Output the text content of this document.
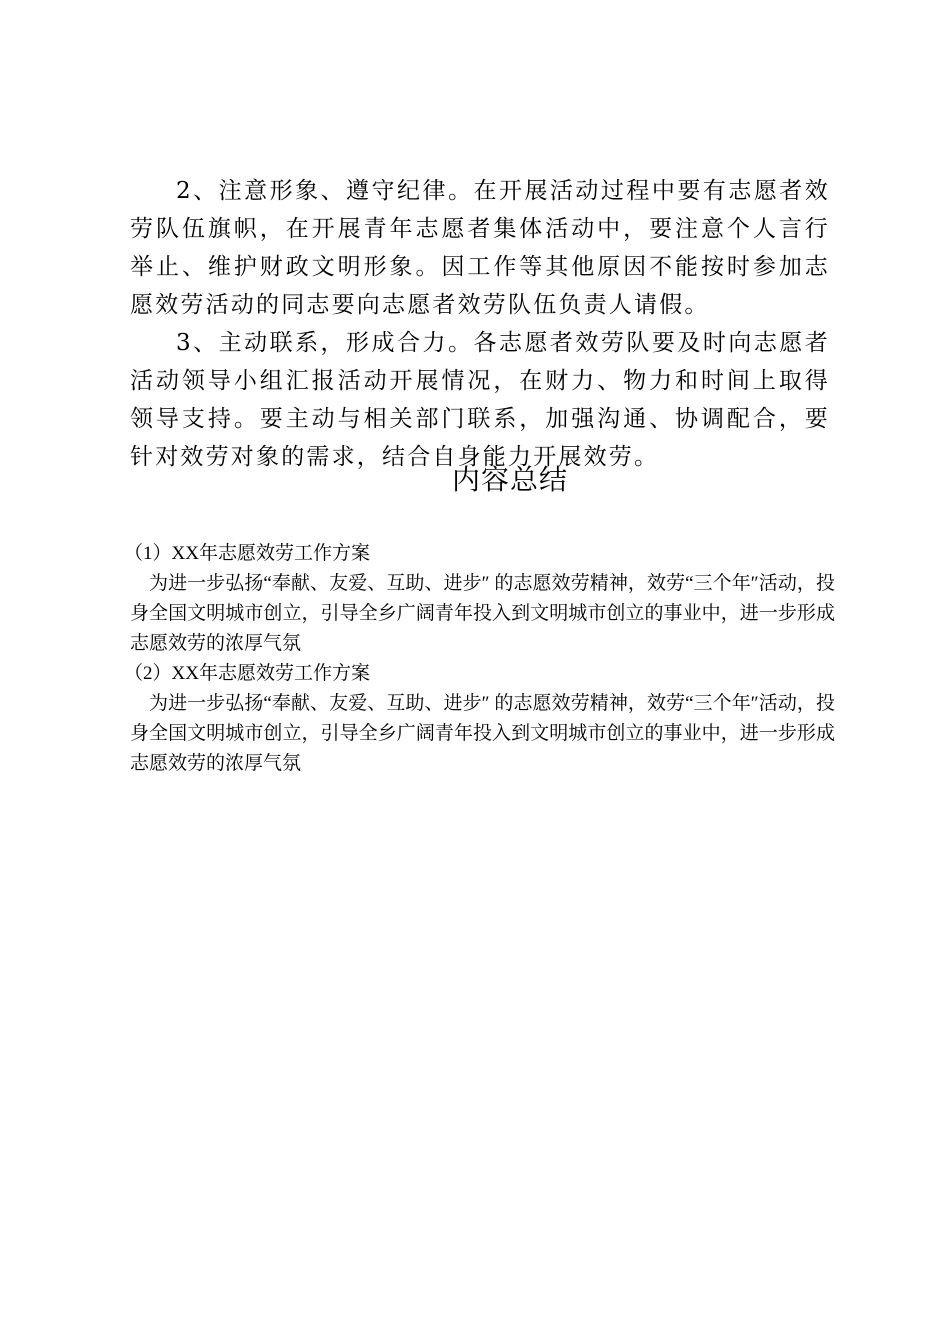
2、注意形象、遵守纪律。在开展活动过程中要有志愿者效劳队伍旗帜，在开展青年志愿者集体活动中，要注意个人言行举止、维护财政文明形象。因工作等其他原因不能按时参加志愿效劳活动的同志要向志愿者效劳队伍负责人请假。

3、主动联系，形成合力。各志愿者效劳队要及时向志愿者活动领导小组汇报活动开展情况，在财力、物力和时间上取得领导支持。要主动与相关部门联系，加强沟通、协调配合，要针对效劳对象的需求，结合自身能力开展效劳。

内容总结

（1）XX年志愿效劳工作方案

为进一步弘扬“奉献、友爱、互助、进步″ 的志愿效劳精神，效劳“三个年″活动，投身全国文明城市创立，引导全乡广阔青年投入到文明城市创立的事业中，进一步形成志愿效劳的浓厚气氛

（2）XX年志愿效劳工作方案

为进一步弘扬“奉献、友爱、互助、进步″ 的志愿效劳精神，效劳“三个年″活动，投身全国文明城市创立，引导全乡广阔青年投入到文明城市创立的事业中，进一步形成志愿效劳的浓厚气氛
